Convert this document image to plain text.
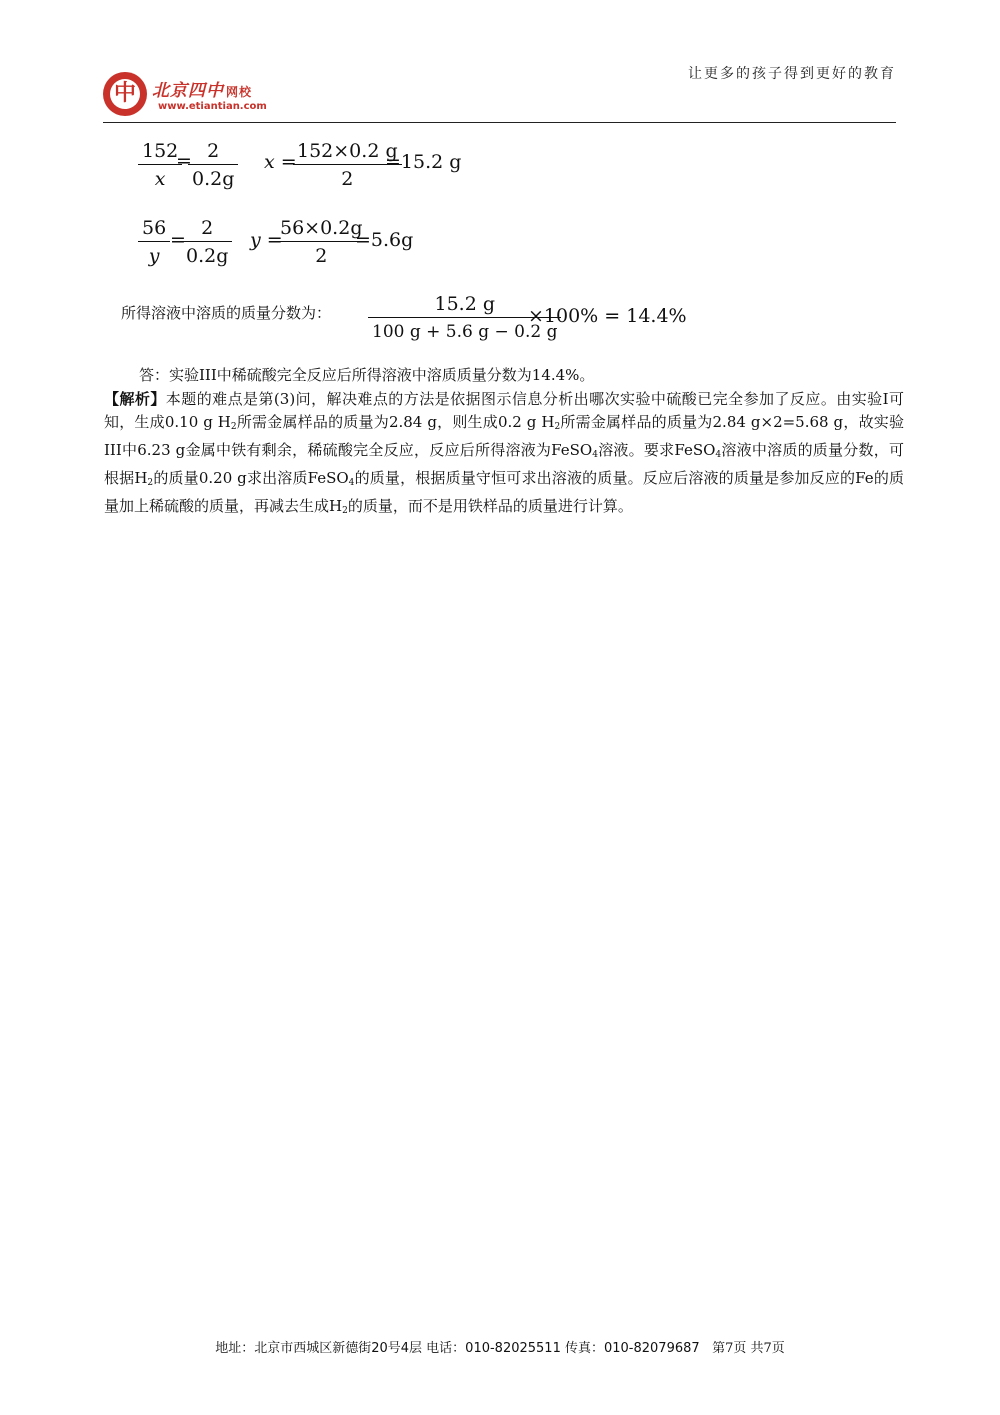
中 北京四中 网校
www.etiantian.com
让更多的孩子得到更好的教育
$\frac{152}{x}$
=
$\frac{2}{0.2g}$ x =
$\frac{152\times 0.2 g}{2}$
=15.2 g
$\frac{56}{y}$ =
$\frac{2}{0.2g}$ y =
$\frac{56\times 0.2g}{2}$
=5.6g
所得溶液中溶质的质量分数为： $\frac{15.2 g}{100 g + 5.6 g - 0.2 g}$
×100% = 14.4%
答：实验III中稀硫酸完全反应后所得溶液中溶质质量分数为14.4%。

【解析】本题的难点是第(3)问，解决难点的方法是依据图示信息分析出哪次实验中硫酸已完全参加了反应。由实验Ⅰ可知，生成0.10 g $H_2$所需金属样品的质量为2.84 g，则生成0.2 g $H_2$所需金属样品的质量为2.84 g×2=5.68 g，故实验III中6.23 g金属中铁有剩余，稀硫酸完全反应，反应后所得溶液为FeSO$_4$溶液。要求FeSO$_4$溶液中溶质的质量分数，可根据$H_2$的质量0.20 g求出溶质FeSO$_4$的质量，根据质量守恒可求出溶液的质量。反应后溶液的质量是参加反应的Fe的质量加上稀硫酸的质量，再减去生成$H_2$的质量，而不是用铁样品的质量进行计算。

地址：北京市西城区新德街20号4层 电话：010-82025511 传真：010-82079687 第7页 共7页
